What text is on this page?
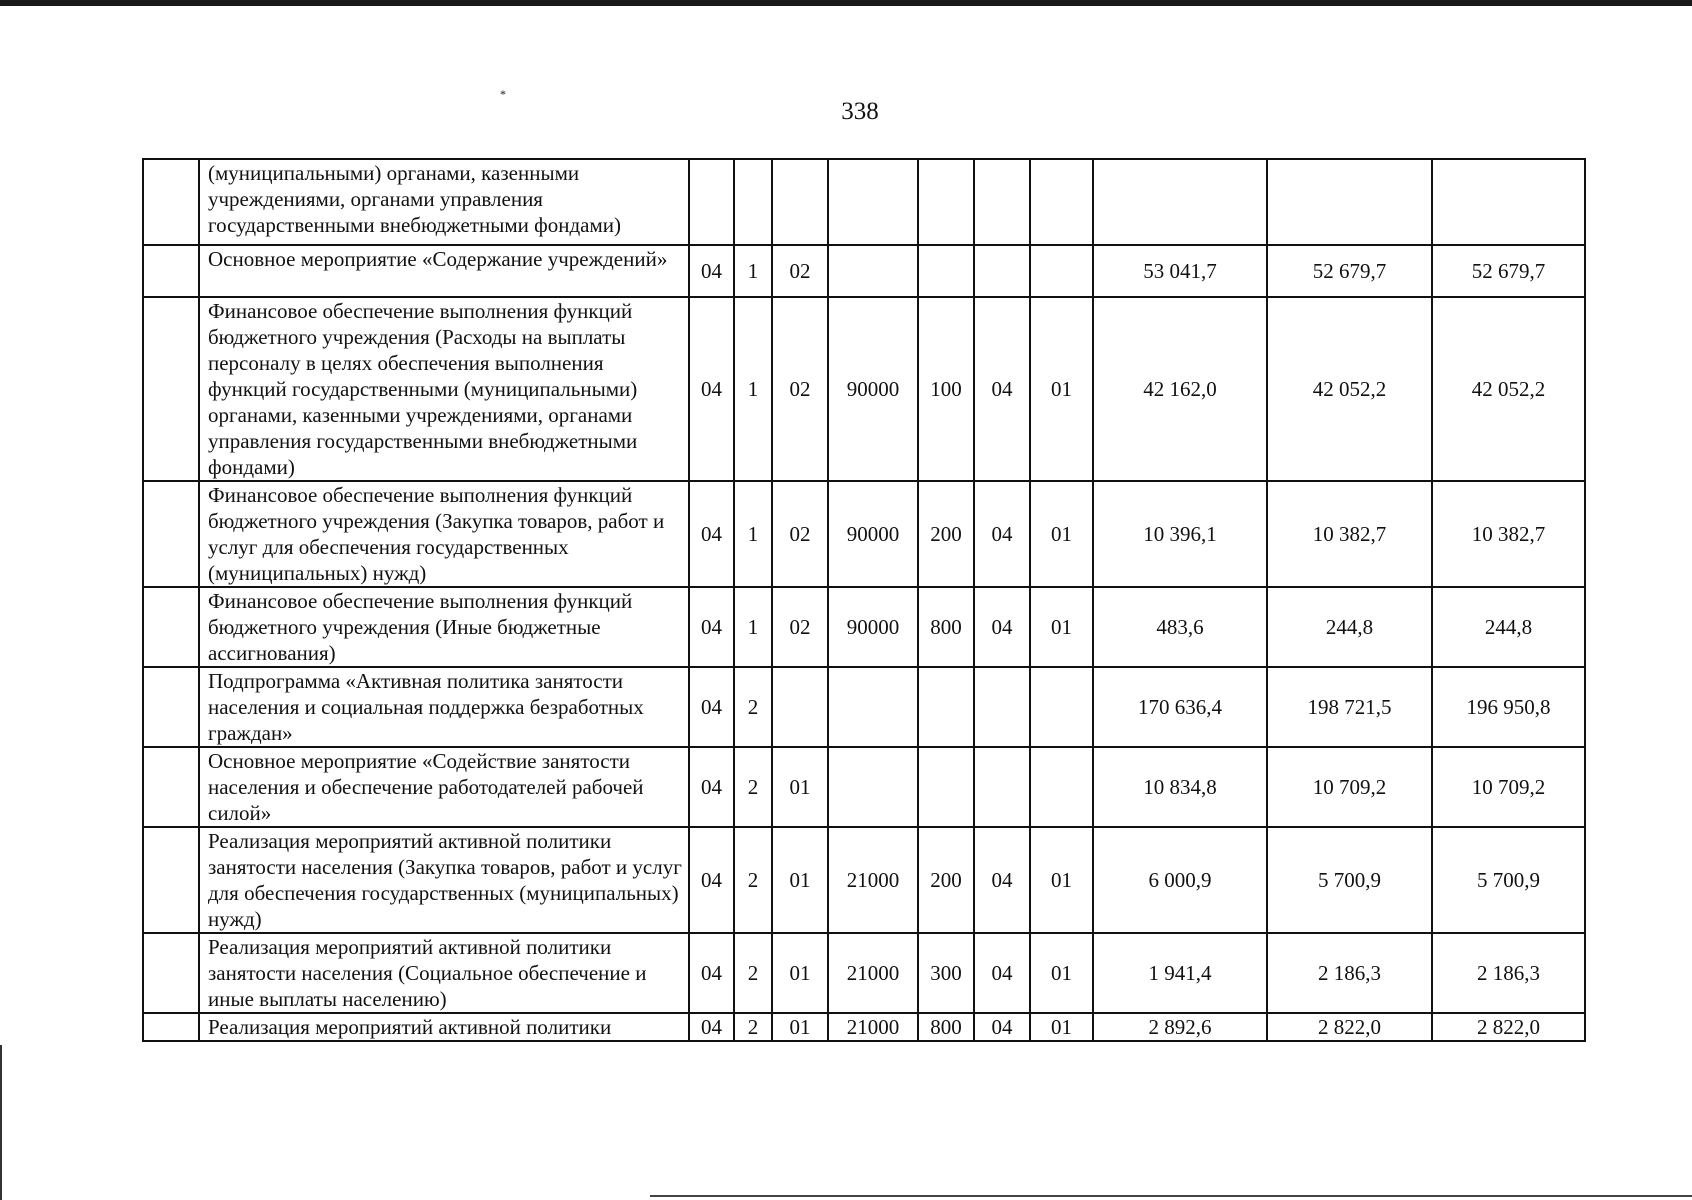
*
338
	(муниципальными) органами, казенными учреждениями, органами управления государственными внебюджетными фондами)										
	Основное мероприятие «Содержание учреждений»	04	1	02					53 041,7	52 679,7	52 679,7
	Финансовое обеспечение выполнения функций бюджетного учреждения (Расходы на выплаты персоналу в целях обеспечения выполнения функций государственными (муниципальными) органами, казенными учреждениями, органами управления государственными внебюджетными фондами)	04	1	02	90000	100	04	01	42 162,0	42 052,2	42 052,2
	Финансовое обеспечение выполнения функций бюджетного учреждения (Закупка товаров, работ и услуг для обеспечения государственных (муниципальных) нужд)	04	1	02	90000	200	04	01	10 396,1	10 382,7	10 382,7
	Финансовое обеспечение выполнения функций бюджетного учреждения (Иные бюджетные ассигнования)	04	1	02	90000	800	04	01	483,6	244,8	244,8
	Подпрограмма «Активная политика занятости населения и социальная поддержка безработных граждан»	04	2						170 636,4	198 721,5	196 950,8
	Основное мероприятие «Содействие занятости населения и обеспечение работодателей рабочей силой»	04	2	01					10 834,8	10 709,2	10 709,2
	Реализация мероприятий активной политики занятости населения (Закупка товаров, работ и услуг для обеспечения государственных (муниципальных) нужд)	04	2	01	21000	200	04	01	6 000,9	5 700,9	5 700,9
	Реализация мероприятий активной политики занятости населения (Социальное обеспечение и иные выплаты населению)	04	2	01	21000	300	04	01	1 941,4	2 186,3	2 186,3
	Реализация мероприятий активной политики	04	2	01	21000	800	04	01	2 892,6	2 822,0	2 822,0
